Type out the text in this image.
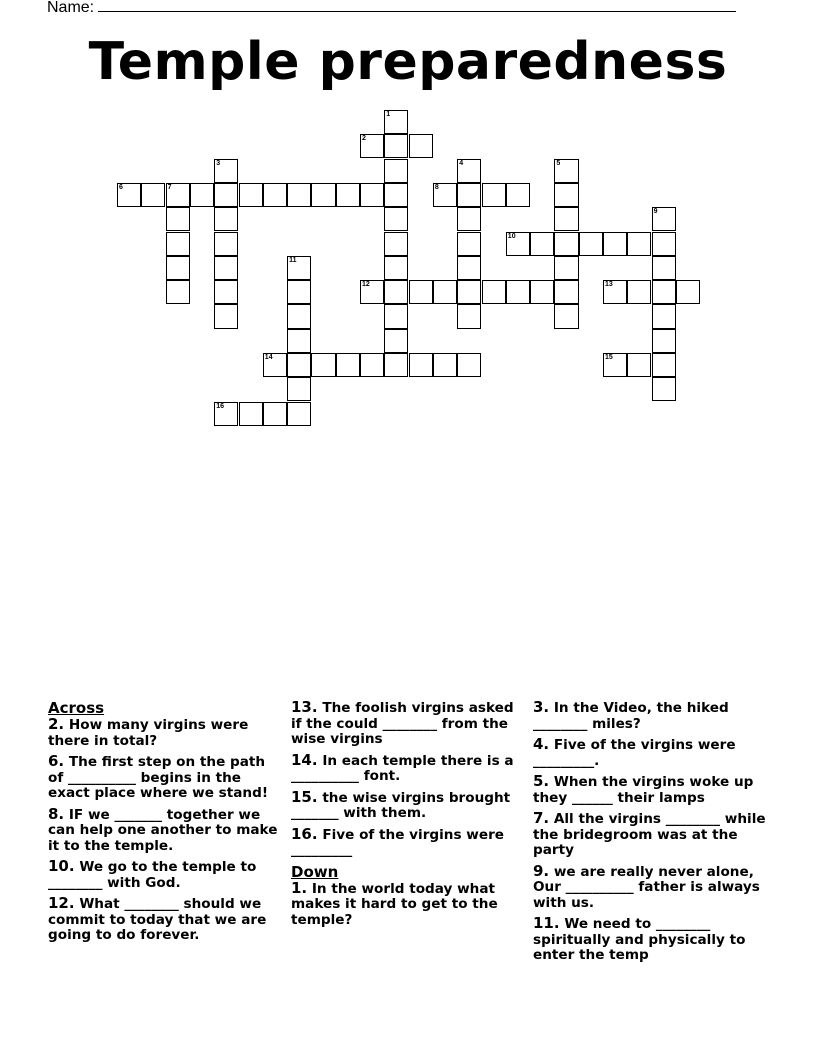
Name:
Temple preparedness
1
2
3	4	5
6	7	8
9
10
11
12	13
14	15
16
Across
2. How many virgins were there in total?
6. The first step on the path of __________ begins in the exact place where we stand!
8. IF we _______ together we can help one another to make it to the temple.
10. We go to the temple to ________ with God.
12. What ________ should we commit to today that we are going to do forever.
13. The foolish virgins asked if the could ________ from the wise virgins
14. In each temple there is a __________ font.
15. the wise virgins brought _______ with them.
16. Five of the virgins were _________
Down
1. In the world today what makes it hard to get to the temple?
3. In the Video, the hiked ________ miles?
4. Five of the virgins were _________.
5. When the virgins woke up they ______ their lamps
7. All the virgins ________ while the bridegroom was at the party
9. we are really never alone, Our __________ father is always with us.
11. We need to ________ spiritually and physically to enter the temp
